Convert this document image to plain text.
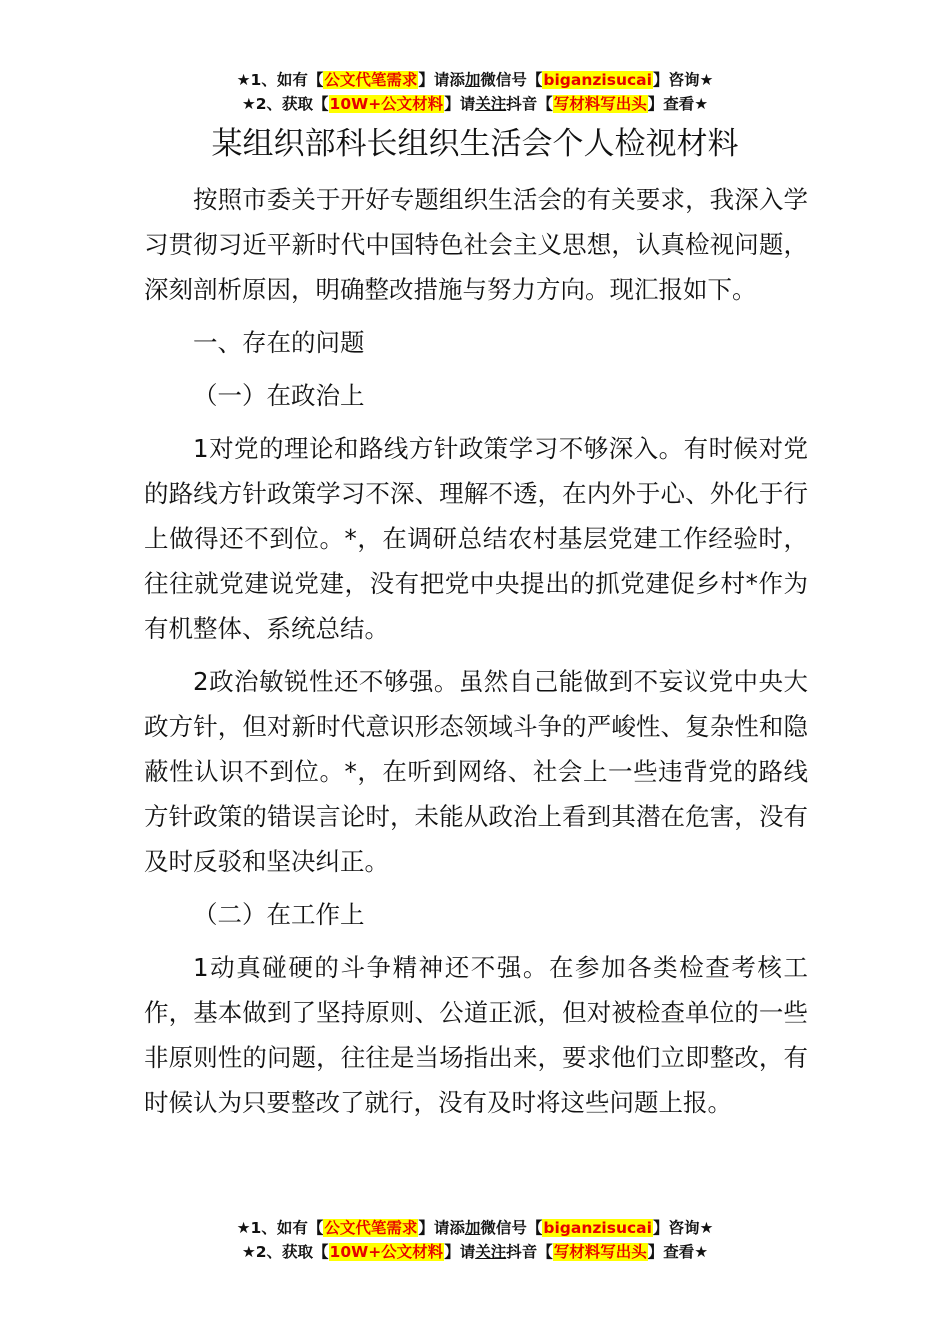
★1、如有【公文代笔需求】请添加微信号【biganzisucai】咨询★
★2、获取【10W+公文材料】请关注抖音【写材料写出头】查看★
某组织部科长组织生活会个人检视材料

按照市委关于开好专题组织生活会的有关要求，我深入学习贯彻习近平新时代中国特色社会主义思想，认真检视问题，深刻剖析原因，明确整改措施与努力方向。现汇报如下。

一、存在的问题

（一）在政治上

1对党的理论和路线方针政策学习不够深入。有时候对党的路线方针政策学习不深、理解不透，在内外于心、外化于行上做得还不到位。*，在调研总结农村基层党建工作经验时，往往就党建说党建，没有把党中央提出的抓党建促乡村*作为有机整体、系统总结。

2政治敏锐性还不够强。虽然自己能做到不妄议党中央大政方针，但对新时代意识形态领域斗争的严峻性、复杂性和隐蔽性认识不到位。*，在听到网络、社会上一些违背党的路线方针政策的错误言论时，未能从政治上看到其潜在危害，没有及时反驳和坚决纠正。

（二）在工作上

1动真碰硬的斗争精神还不强。在参加各类检查考核工作，基本做到了坚持原则、公道正派，但对被检查单位的一些非原则性的问题，往往是当场指出来，要求他们立即整改，有时候认为只要整改了就行，没有及时将这些问题上报。

★1、如有【公文代笔需求】请添加微信号【biganzisucai】咨询★
★2、获取【10W+公文材料】请关注抖音【写材料写出头】查看★
